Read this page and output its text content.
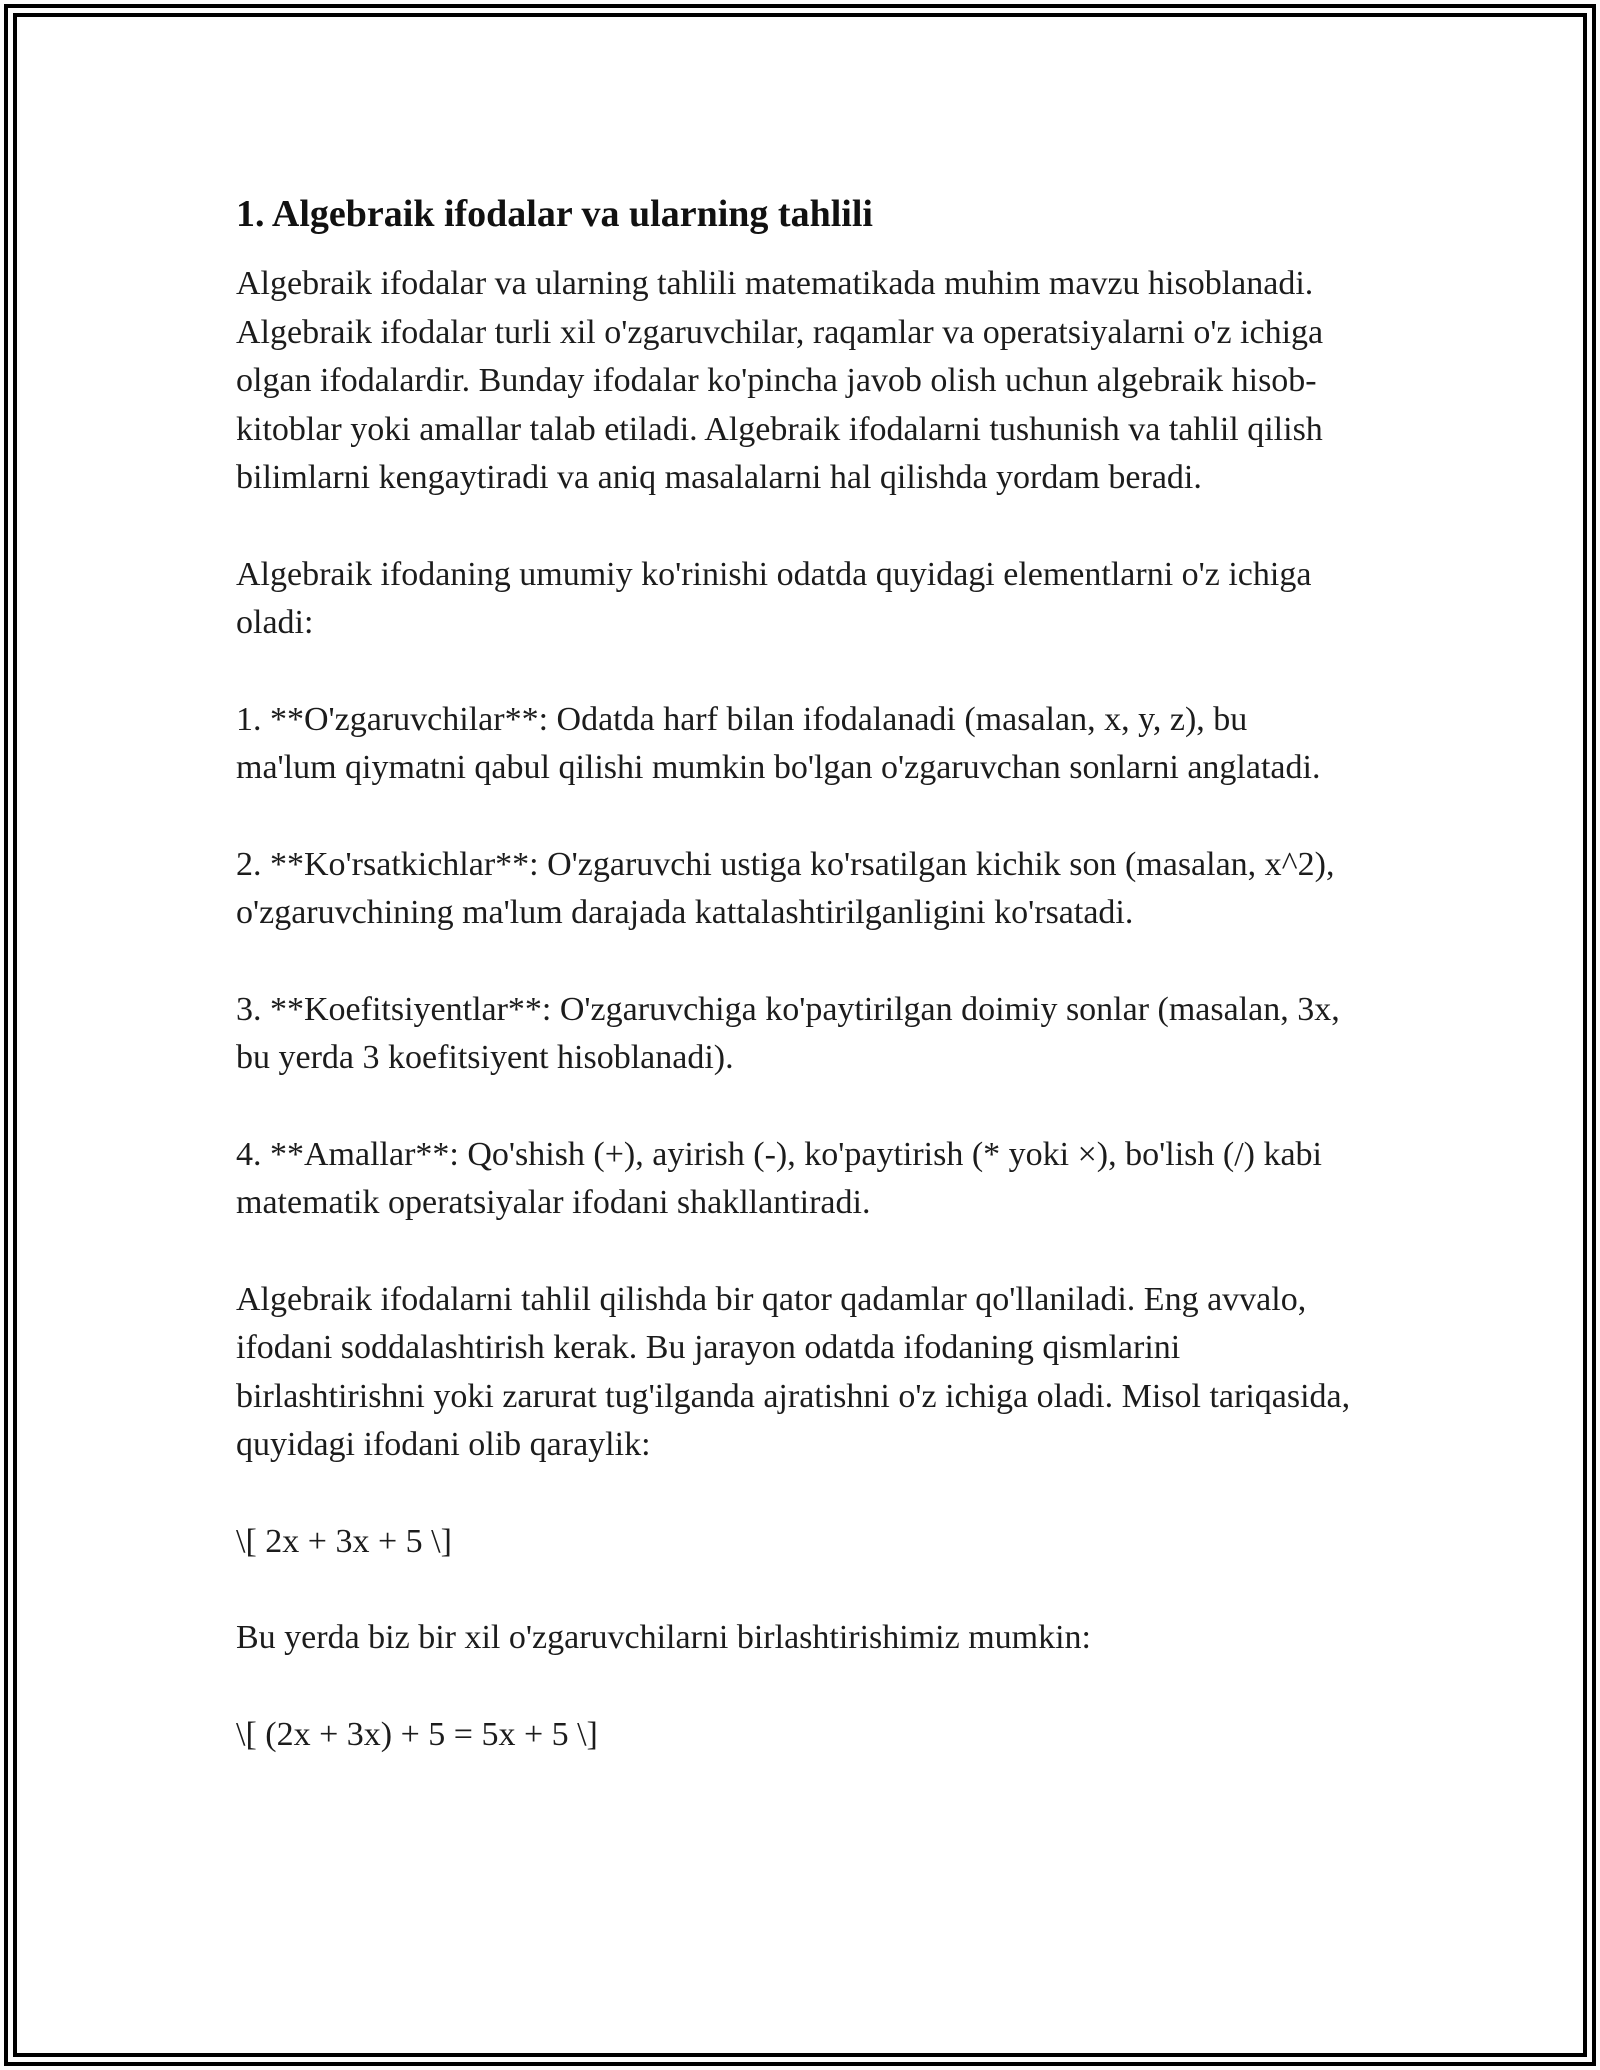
1. Algebraik ifodalar va ularning tahlili

Algebraik ifodalar va ularning tahlili matematikada muhim mavzu hisoblanadi. Algebraik ifodalar turli xil o'zgaruvchilar, raqamlar va operatsiyalarni o'z ichiga olgan ifodalardir. Bunday ifodalar ko'pincha javob olish uchun algebraik hisob-kitoblar yoki amallar talab etiladi. Algebraik ifodalarni tushunish va tahlil qilish bilimlarni kengaytiradi va aniq masalalarni hal qilishda yordam beradi.

Algebraik ifodaning umumiy ko'rinishi odatda quyidagi elementlarni o'z ichiga oladi:

1. **O'zgaruvchilar**: Odatda harf bilan ifodalanadi (masalan, x, y, z), bu ma'lum qiymatni qabul qilishi mumkin bo'lgan o'zgaruvchan sonlarni anglatadi.

2. **Ko'rsatkichlar**: O'zgaruvchi ustiga ko'rsatilgan kichik son (masalan, x^2), o'zgaruvchining ma'lum darajada kattalashtirilganligini ko'rsatadi.

3. **Koefitsiyentlar**: O'zgaruvchiga ko'paytirilgan doimiy sonlar (masalan, 3x, bu yerda 3 koefitsiyent hisoblanadi).

4. **Amallar**: Qo'shish (+), ayirish (-), ko'paytirish (* yoki ×), bo'lish (/) kabi matematik operatsiyalar ifodani shakllantiradi.

Algebraik ifodalarni tahlil qilishda bir qator qadamlar qo'llaniladi. Eng avvalo, ifodani soddalashtirish kerak. Bu jarayon odatda ifodaning qismlarini birlashtirishni yoki zarurat tug'ilganda ajratishni o'z ichiga oladi. Misol tariqasida, quyidagi ifodani olib qaraylik:

\[ 2x + 3x + 5 \]

Bu yerda biz bir xil o'zgaruvchilarni birlashtirishimiz mumkin:

\[ (2x + 3x) + 5 = 5x + 5 \]
